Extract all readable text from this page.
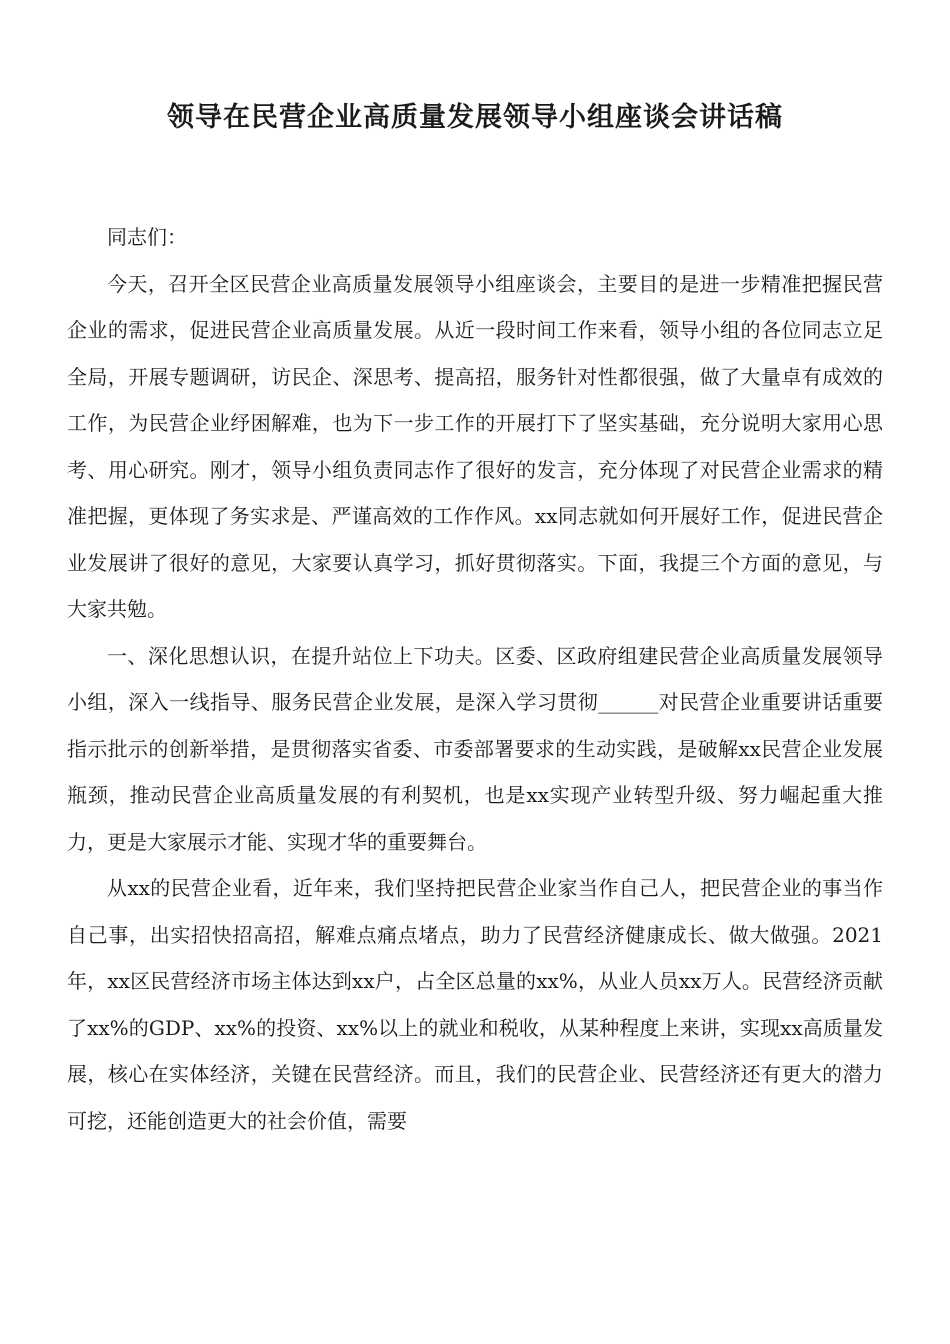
领导在民营企业高质量发展领导小组座谈会讲话稿

同志们：

今天，召开全区民营企业高质量发展领导小组座谈会，主要目的是进一步精准把握民营企业的需求，促进民营企业高质量发展。从近一段时间工作来看，领导小组的各位同志立足全局，开展专题调研，访民企、深思考、提高招，服务针对性都很强，做了大量卓有成效的工作，为民营企业纾困解难，也为下一步工作的开展打下了坚实基础，充分说明大家用心思考、用心研究。刚才，领导小组负责同志作了很好的发言，充分体现了对民营企业需求的精准把握，更体现了务实求是、严谨高效的工作作风。xx同志就如何开展好工作，促进民营企业发展讲了很好的意见，大家要认真学习，抓好贯彻落实。下面，我提三个方面的意见，与大家共勉。

一、深化思想认识，在提升站位上下功夫。区委、区政府组建民营企业高质量发展领导小组，深入一线指导、服务民营企业发展，是深入学习贯彻______对民营企业重要讲话重要指示批示的创新举措，是贯彻落实省委、市委部署要求的生动实践，是破解xx民营企业发展瓶颈，推动民营企业高质量发展的有利契机，也是xx实现产业转型升级、努力崛起重大推力，更是大家展示才能、实现才华的重要舞台。

从xx的民营企业看，近年来，我们坚持把民营企业家当作自己人，把民营企业的事当作自己事，出实招快招高招，解难点痛点堵点，助力了民营经济健康成长、做大做强。2021年，xx区民营经济市场主体达到xx户，占全区总量的xx%，从业人员xx万人。民营经济贡献了xx%的GDP、xx%的投资、xx%以上的就业和税收，从某种程度上来讲，实现xx高质量发展，核心在实体经济，关键在民营经济。而且，我们的民营企业、民营经济还有更大的潜力可挖，还能创造更大的社会价值，需要
